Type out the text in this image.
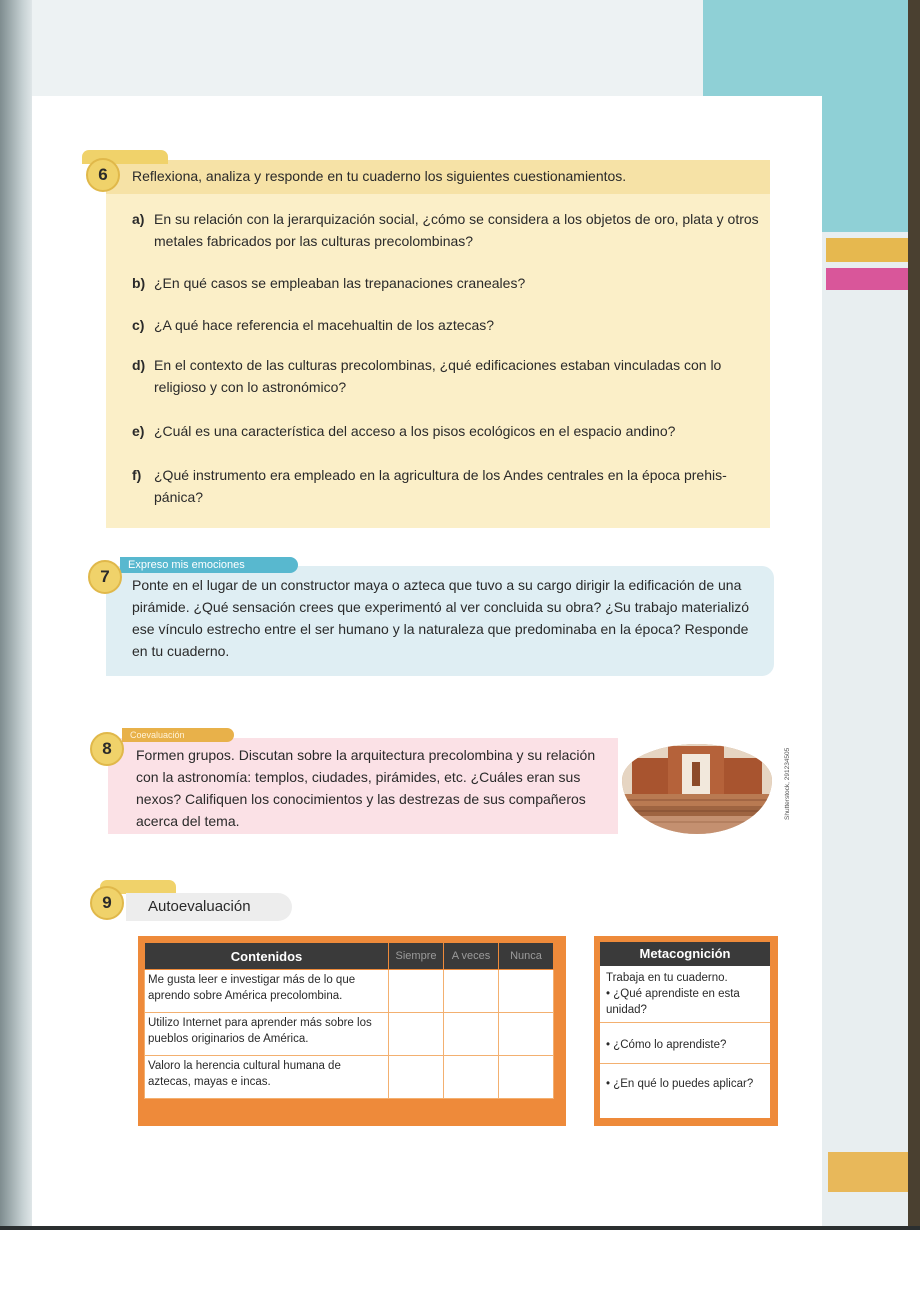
6	Reflexiona, analiza y responde en tu cuaderno los siguientes cuestionamientos.
a) En su relación con la jerarquización social, ¿cómo se considera a los objetos de oro, plata y otros metales fabricados por las culturas precolombinas?
b) ¿En qué casos se empleaban las trepanaciones craneales?
c) ¿A qué hace referencia el macehualtin de los aztecas?
d) En el contexto de las culturas precolombinas, ¿qué edificaciones estaban vinculadas con lo religioso y con lo astronómico?
e) ¿Cuál es una característica del acceso a los pisos ecológicos en el espacio andino?
f) ¿Qué instrumento era empleado en la agricultura de los Andes centrales en la época prehis-pánica?
Expreso mis emociones
7	Ponte en el lugar de un constructor maya o azteca que tuvo a su cargo dirigir la edificación de una pirámide. ¿Qué sensación crees que experimentó al ver concluida su obra? ¿Su trabajo materializó ese vínculo estrecho entre el ser humano y la naturaleza que predominaba en la época? Responde en tu cuaderno.
Coevaluación
8	Formen grupos. Discutan sobre la arquitectura precolombina y su relación con la astronomía: templos, ciudades, pirámides, etc. ¿Cuáles eran sus nexos? Califiquen los conocimientos y las destrezas de sus compañeros acerca del tema.
Shutterstock, 291234505
9	Autoevaluación
Contenidos	Siempre	A veces	Nunca
Me gusta leer e investigar más de lo que aprendo sobre América precolombina.			
Utilizo Internet para aprender más sobre los pueblos originarios de América.			
Valoro la herencia cultural humana de aztecas, mayas e incas.			
Metacognición
Trabaja en tu cuaderno.
• ¿Qué aprendiste en esta unidad?
• ¿Cómo lo aprendiste?
• ¿En qué lo puedes aplicar?
